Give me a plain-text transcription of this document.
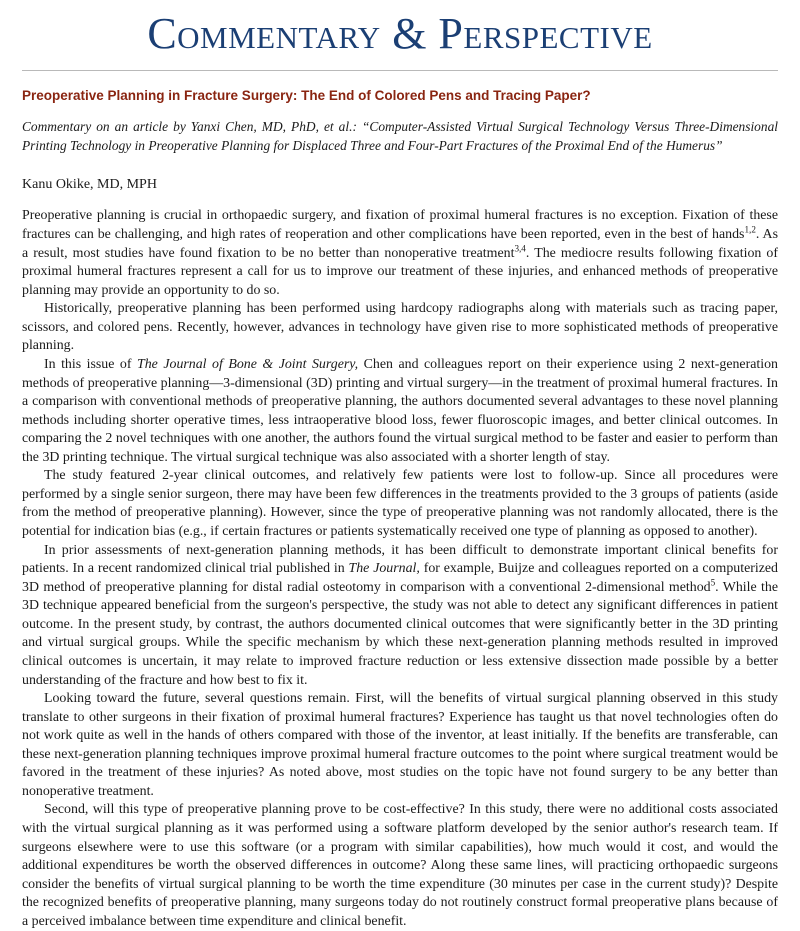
Commentary & Perspective
Preoperative Planning in Fracture Surgery: The End of Colored Pens and Tracing Paper?
Commentary on an article by Yanxi Chen, MD, PhD, et al.: “Computer-Assisted Virtual Surgical Technology Versus Three-Dimensional Printing Technology in Preoperative Planning for Displaced Three and Four-Part Fractures of the Proximal End of the Humerus”
Kanu Okike, MD, MPH

Preoperative planning is crucial in orthopaedic surgery, and fixation of proximal humeral fractures is no exception. Fixation of these fractures can be challenging, and high rates of reoperation and other complications have been reported, even in the best of hands$^{1,2}$. As a result, most studies have found fixation to be no better than nonoperative treatment$^{3,4}$. The mediocre results following fixation of proximal humeral fractures represent a call for us to improve our treatment of these injuries, and enhanced methods of preoperative planning may provide an opportunity to do so.

Historically, preoperative planning has been performed using hardcopy radiographs along with materials such as tracing paper, scissors, and colored pens. Recently, however, advances in technology have given rise to more sophisticated methods of preoperative planning.

In this issue of The Journal of Bone & Joint Surgery, Chen and colleagues report on their experience using 2 next-generation methods of preoperative planning—3-dimensional (3D) printing and virtual surgery—in the treatment of proximal humeral fractures. In a comparison with conventional methods of preoperative planning, the authors documented several advantages to these novel planning methods including shorter operative times, less intraoperative blood loss, fewer fluoroscopic images, and better clinical outcomes. In comparing the 2 novel techniques with one another, the authors found the virtual surgical method to be faster and easier to perform than the 3D printing technique. The virtual surgical technique was also associated with a shorter length of stay.

The study featured 2-year clinical outcomes, and relatively few patients were lost to follow-up. Since all procedures were performed by a single senior surgeon, there may have been few differences in the treatments provided to the 3 groups of patients (aside from the method of preoperative planning). However, since the type of preoperative planning was not randomly allocated, there is the potential for indication bias (e.g., if certain fractures or patients systematically received one type of planning as opposed to another).

In prior assessments of next-generation planning methods, it has been difficult to demonstrate important clinical benefits for patients. In a recent randomized clinical trial published in The Journal, for example, Buijze and colleagues reported on a computerized 3D method of preoperative planning for distal radial osteotomy in comparison with a conventional 2-dimensional method$^5$. While the 3D technique appeared beneficial from the surgeon's perspective, the study was not able to detect any significant differences in patient outcome. In the present study, by contrast, the authors documented clinical outcomes that were significantly better in the 3D printing and virtual surgical groups. While the specific mechanism by which these next-generation planning methods resulted in improved clinical outcomes is uncertain, it may relate to improved fracture reduction or less extensive dissection made possible by a better understanding of the fracture and how best to fix it.

Looking toward the future, several questions remain. First, will the benefits of virtual surgical planning observed in this study translate to other surgeons in their fixation of proximal humeral fractures? Experience has taught us that novel technologies often do not work quite as well in the hands of others compared with those of the inventor, at least initially. If the benefits are transferable, can these next-generation planning techniques improve proximal humeral fracture outcomes to the point where surgical treatment would be favored in the treatment of these injuries? As noted above, most studies on the topic have not found surgery to be any better than nonoperative treatment.

Second, will this type of preoperative planning prove to be cost-effective? In this study, there were no additional costs associated with the virtual surgical planning as it was performed using a software platform developed by the senior author's research team. If surgeons elsewhere were to use this software (or a program with similar capabilities), how much would it cost, and would the additional expenditures be worth the observed differences in outcome? Along these same lines, will practicing orthopaedic surgeons consider the benefits of virtual surgical planning to be worth the time expenditure (30 minutes per case in the current study)? Despite the recognized benefits of preoperative planning, many surgeons today do not routinely construct formal preoperative plans because of a perceived imbalance between time expenditure and clinical benefit.
